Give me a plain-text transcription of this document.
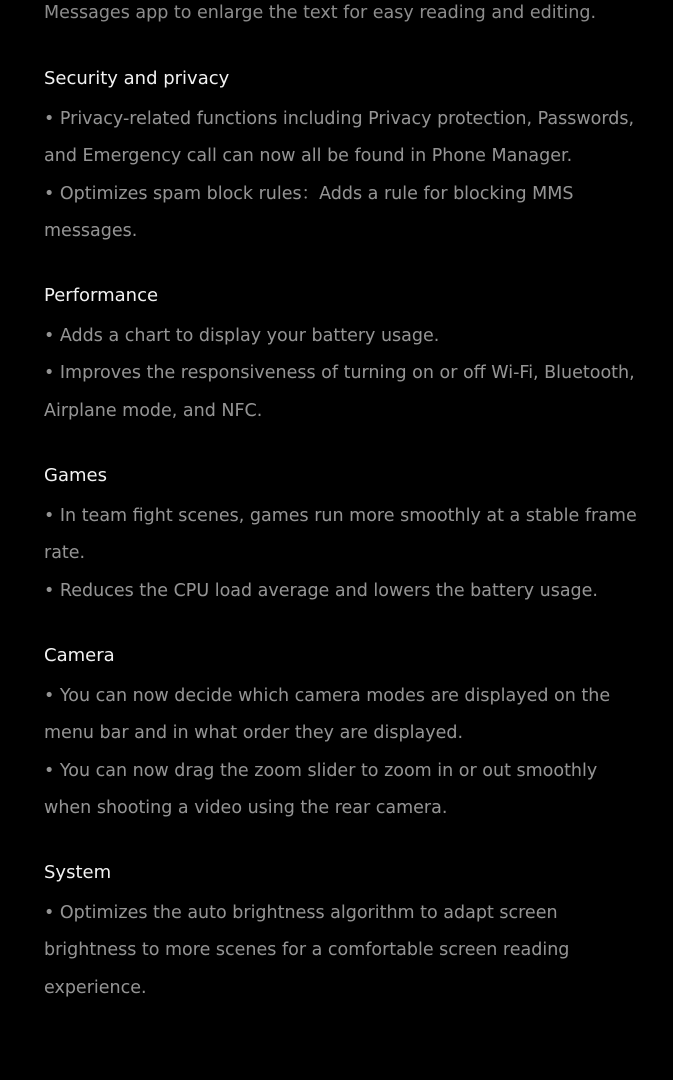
Messages app to enlarge the text for easy reading and editing.

Security and privacy

• Privacy-related functions including Privacy protection, Passwords, and Emergency call can now all be found in Phone Manager.

• Optimizes spam block rules：Adds a rule for blocking MMS messages.

Performance

• Adds a chart to display your battery usage.

• Improves the responsiveness of turning on or off Wi-Fi, Bluetooth, Airplane mode, and NFC.

Games

• In team fight scenes, games run more smoothly at a stable frame rate.

• Reduces the CPU load average and lowers the battery usage.

Camera

• You can now decide which camera modes are displayed on the menu bar and in what order they are displayed.

• You can now drag the zoom slider to zoom in or out smoothly when shooting a video using the rear camera.

System

• Optimizes the auto brightness algorithm to adapt screen brightness to more scenes for a comfortable screen reading experience.
